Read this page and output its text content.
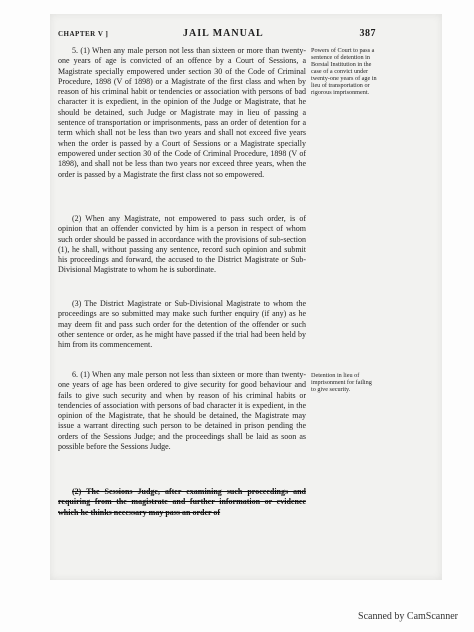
CHAPTER V ]	JAIL MANUAL	387

5. (1) When any male person not less than sixteen or more than twenty-one years of age is convicted of an offence by a Court of Sessions, a Magistrate specially empowered under section 30 of the Code of Criminal Procedure, 1898 (V of 1898) or a Magistrate of the first class and when by reason of his criminal habit or tendencies or association with persons of bad character it is expedient, in the opinion of the Judge or Magistrate, that he should be detained, such Judge or Magistrate may in lieu of passing a sentence of transportation or imprisonments, pass an order of detention for a term which shall not be less than two years and shall not exceed five years when the order is passed by a Court of Sessions or a Magistrate specially empowered under section 30 of the Code of Criminal Procedure, 1898 (V of 1898), and shall not be less than two years nor exceed three years, when the order is passed by a Magistrate the first class not so empowered.

Powers of Court to pass a sentence of detention in Borstal Institution in the case of a convict under twenty-one years of age in lieu of transportation or rigorous imprisonment.

(2) When any Magistrate, not empowered to pass such order, is of opinion that an offender convicted by him is a person in respect of whom such order should be passed in accordance with the provisions of sub-section (1), he shall, without passing any sentence, record such opinion and submit his proceedings and forward, the accused to the District Magistrate or Sub-Divisional Magistrate to whom he is subordinate.

(3) The District Magistrate or Sub-Divisional Magistrate to whom the proceedings are so submitted may make such further enquiry (if any) as he may deem fit and pass such order for the detention of the offender or such other sentence or order, as he might have passed if the trial had been held by him from its commencement.

6. (1) When any male person not less than sixteen or more than twenty-one years of age has been ordered to give security for good behaviour and fails to give such security and when by reason of his criminal habits or tendencies of association with persons of bad character it is expedient, in the opinion of the Magistrate, that he should be detained, the Magistrate may issue a warrant directing such person to be detained in prison pending the orders of the Sessions Judge; and the proceedings shall be laid as soon as possible before the Sessions Judge.

Detention in lieu of imprisonment for failing to give security.

(2) The Sessions Judge, after examining such proceedings and requiring from the magistrate and further information or evidence which he thinks necessary may pass an order of

Scanned by CamScanner
